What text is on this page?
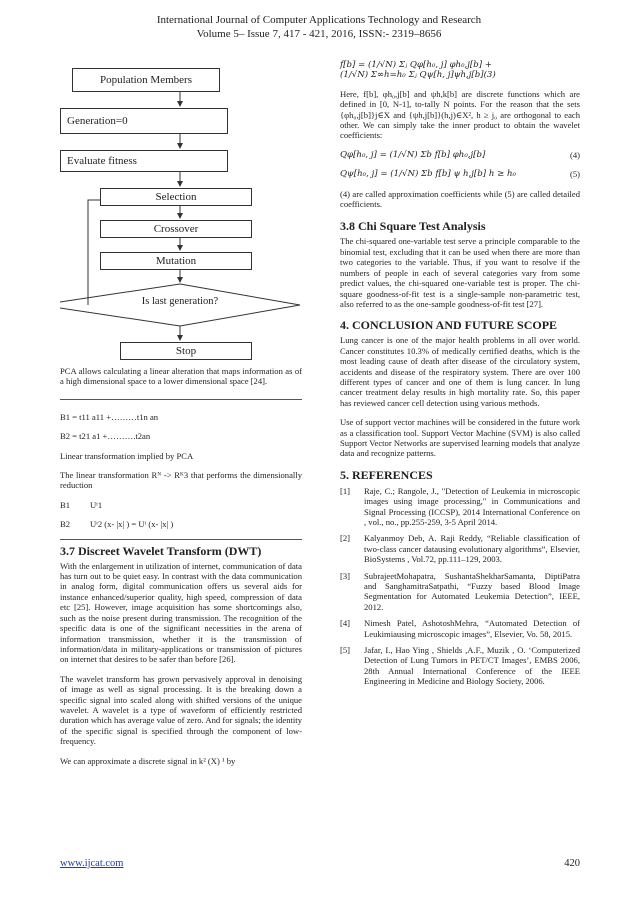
International Journal of Computer Applications Technology and Research
Volume 5– Issue 7, 417 - 421, 2016, ISSN:- 2319–8656
Population Members
Generation=0
Evaluate fitness
Selection
Crossover
Mutation
Is last generation?
Stop

PCA allows calculating a linear alteration that maps information as of a high dimensional space to a lower dimensional space [24].

B1 = t11 a11 +………t1n an

B2 = t21 a1 +……….t2an

Linear transformation implied by PCA

The linear transformation Rᴺ -> Rᴷ3 that performs the dimensionally reduction

B1	Uᵗ1

B2	Uᵗ2 (x- |x| ) = Uᵗ (x- |x| )

3.7 Discreet Wavelet Transform (DWT)

With the enlargement in utilization of internet, communication of data has turn out to be quiet easy. In contrast with the data communication in analog form, digital communication offers us several aids for instance enhanced/superior quality, high speed, compression of data etc [25]. However, image acquisition has some shortcomings also, such as the noise present during transmission. The recognition of the specific data is one of the significant necessities in the arena of information transmission, whether it is the transmission of information/data in military-applications or transmission of pictures on internet that desires to be safer than before [26].

The wavelet transform has grown pervasively approval in denoising of image as well as signal processing. It is the breaking down a specific signal into scaled along with shifted versions of the unique wavelet. A wavelet is a type of waveform of efficiently restricted duration which has average value of zero. And for signals; the identity of the specific signal is specified through the component of low-frequency.

We can approximate a discrete signal in k² (X) ¹ by

f[b] = (1/√N) Σⱼ Qφ[h₀, j] φh₀,j[b] +
(1/√N) Σ∞h=h₀ Σⱼ Qψ[h, j]ψh,j[b](3)

Here, f[b], φh₀,j[b] and ψh,k[b] are discrete functions which are defined in [0, N-1], to-tally N points. For the reason that the sets {φh₀,j[b]}j∈X and {ψh,j[b]}(h,j)∈X², h ≥ j₀ are orthogonal to each other. We can simply take the inner product to obtain the wavelet coefficients:

Qφ[h₀, j] = (1/√N) Σb f[b] φh₀,j[b]	(4)

Qψ[h₀, j] = (1/√N) Σb f[b] ψ h,j[b] h ≥ h₀	(5)

(4) are called approximation coefficients while (5) are called detailed coefficients.

3.8 Chi Square Test Analysis

The chi-squared one-variable test serve a principle comparable to the binomial test, excluding that it can be used when there are more than two categories to the variable. Thus, if you want to resolve if the numbers of people in each of several categories vary from some predict values, the chi-squared one-variable test is proper. The chi-square goodness-of-fit test is a single-sample non-parametric test, also referred to as the one-sample goodness-of-fit test [27].

4. CONCLUSION AND FUTURE SCOPE

Lung cancer is one of the major health problems in all over world. Cancer constitutes 10.3% of medically certified deaths, which is the most leading cause of death after disease of the circulatory system, accidents and disease of the respiratory system. There are over 100 different types of cancer and one of them is lung cancer. In lung cancer treatment delay results in high mortality rate. So, this paper has reviewed cancer cell detection using various methods.

Use of support vector machines will be considered in the future work as a classification tool. Support Vector Machine (SVM) is also called Support Vector Networks are supervised learning models that analyze data and recognize patterns.

5. REFERENCES
[1]	Raje, C.; Rangole, J., "Detection of Leukemia in microscopic images using image processing," in Communications and Signal Processing (ICCSP), 2014 International Conference on , vol., no., pp.255-259, 3-5 April 2014.
[2]	Kalyanmoy Deb, A. Raji Reddy, “Reliable classification of two-class cancer datausing evolutionary algorithms”, Elsevier, BioSystems , Vol.72, pp.111–129, 2003.
[3]	SubrajeetMohapatra, SushantaShekharSamanta, DiptiPatra and SanghamitraSatpathi, “Fuzzy based Blood Image Segmentation for Automated Leukemia Detection”, IEEE, 2012.
[4]	Nimesh Patel, AshotoshMehra, “Automated Detection of Leukimiausing microscopic images”, Elsevier, Vo. 58, 2015.
[5]	Jafar, I., Hao Ying , Shields ,A.F., Muzik , O. ‘Computerized Detection of Lung Tumors in PET/CT Images’, EMBS 2006, 28th Annual International Conference of the IEEE Engineering in Medicine and Biology Society, 2006.
www.ijcat.com	420
